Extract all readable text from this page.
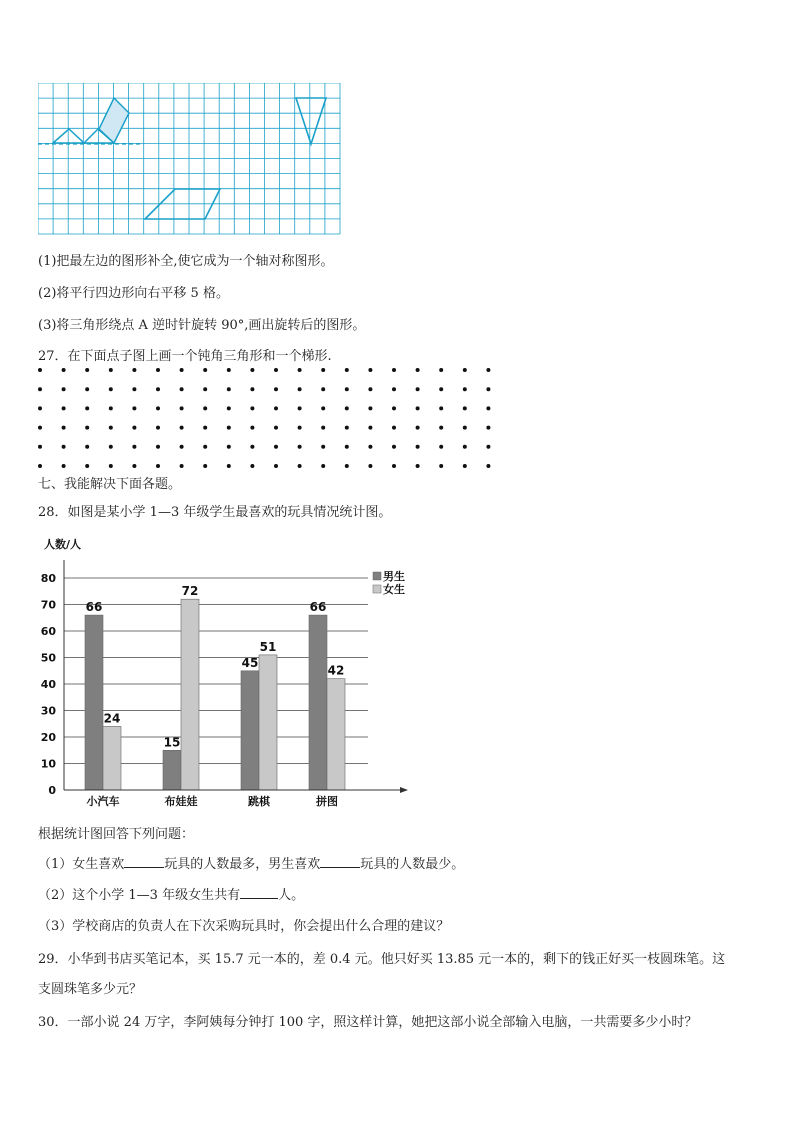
(1)把最左边的图形补全,使它成为一个轴对称图形。
(2)将平行四边形向右平移 5 格。
(3)将三角形绕点 A 逆时针旋转 90°,画出旋转后的图形。
27．在下面点子图上画一个钝角三角形和一个梯形.
七、我能解决下面各题。
28．如图是某小学 1—3 年级学生最喜欢的玩具情况统计图。
0
10
20
30
40
50
60
70
80
66
24
15
72
45
51
66
42
小汽车	布娃娃	跳棋	拼图
男生
女生
人数/人
根据统计图回答下列问题：
（1）女生喜欢	玩具的人数最多，男生喜欢	玩具的人数最少。
（2）这个小学 1—3 年级女生共有	人。
（3）学校商店的负责人在下次采购玩具时，你会提出什么合理的建议？
29．小华到书店买笔记本，买 15.7 元一本的，差 0.4 元。他只好买 13.85 元一本的，剩下的钱正好买一枝圆珠笔。这
支圆珠笔多少元？
30．一部小说 24 万字，李阿姨每分钟打 100 字，照这样计算，她把这部小说全部输入电脑，一共需要多少小时？
